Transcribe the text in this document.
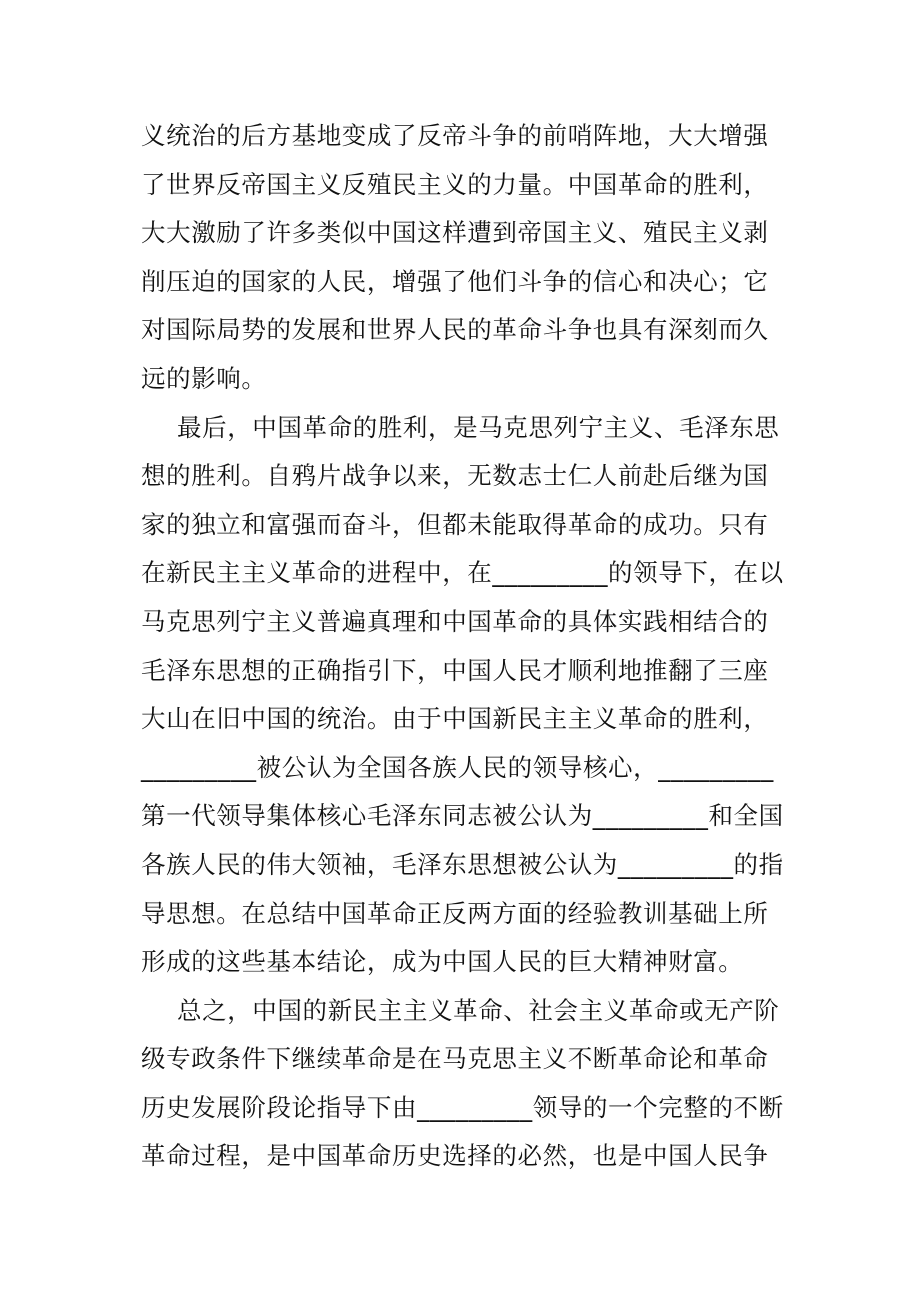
义统治的后方基地变成了反帝斗争的前哨阵地，大大增强
了世界反帝国主义反殖民主义的力量。中国革命的胜利，
大大激励了许多类似中国这样遭到帝国主义、殖民主义剥
削压迫的国家的人民，增强了他们斗争的信心和决心；它
对国际局势的发展和世界人民的革命斗争也具有深刻而久
远的影响。
最后，中国革命的胜利，是马克思列宁主义、毛泽东思
想的胜利。自鸦片战争以来，无数志士仁人前赴后继为国
家的独立和富强而奋斗，但都未能取得革命的成功。只有
在新民主主义革命的进程中，在_________的领导下，在以
马克思列宁主义普遍真理和中国革命的具体实践相结合的
毛泽东思想的正确指引下，中国人民才顺利地推翻了三座
大山在旧中国的统治。由于中国新民主主义革命的胜利，
_________被公认为全国各族人民的领导核心，_________
第一代领导集体核心毛泽东同志被公认为_________和全国
各族人民的伟大领袖，毛泽东思想被公认为_________的指
导思想。在总结中国革命正反两方面的经验教训基础上所
形成的这些基本结论，成为中国人民的巨大精神财富。
总之，中国的新民主主义革命、社会主义革命或无产阶
级专政条件下继续革命是在马克思主义不断革命论和革命
历史发展阶段论指导下由_________领导的一个完整的不断
革命过程，是中国革命历史选择的必然，也是中国人民争
